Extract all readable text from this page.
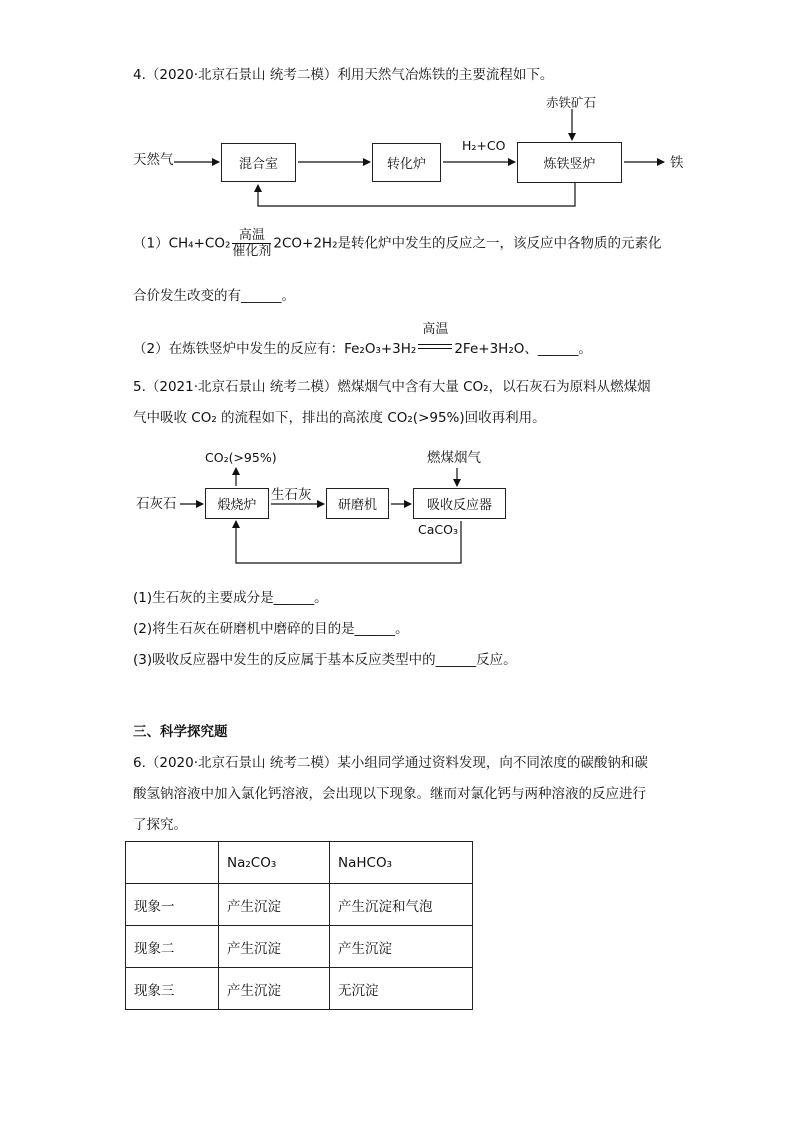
4.（2020·北京石景山 统考二模）利用天然气冶炼铁的主要流程如下。
天然气	混合室	转化炉	炼铁竖炉
赤铁矿石
H₂+CO
铁
（1）CH₄+CO₂ 高温
催化剂 2CO+2H₂是转化炉中发生的反应之一，该反应中各物质的元素化
合价发生改变的有______。
（2）在炼铁竖炉中发生的反应有：Fe₂O₃+3H₂
高温
2Fe+3H₂O、______。
5.（2021·北京石景山 统考二模）燃煤烟气中含有大量 CO₂，以石灰石为原料从燃煤烟
气中吸收 CO₂ 的流程如下，排出的高浓度 CO₂(>95%)回收再利用。
石灰石	煅烧炉	研磨机	吸收反应器
CO₂(>95%)
生石灰
燃煤烟气
CaCO₃
(1)生石灰的主要成分是______。
(2)将生石灰在研磨机中磨碎的目的是______。
(3)吸收反应器中发生的反应属于基本反应类型中的______反应。
三、科学探究题
6.（2020·北京石景山 统考二模）某小组同学通过资料发现，向不同浓度的碳酸钠和碳
酸氢钠溶液中加入氯化钙溶液，会出现以下现象。继而对氯化钙与两种溶液的反应进行
了探究。
	Na₂CO₃	NaHCO₃
现象一	产生沉淀	产生沉淀和气泡
现象二	产生沉淀	产生沉淀
现象三	产生沉淀	无沉淀
